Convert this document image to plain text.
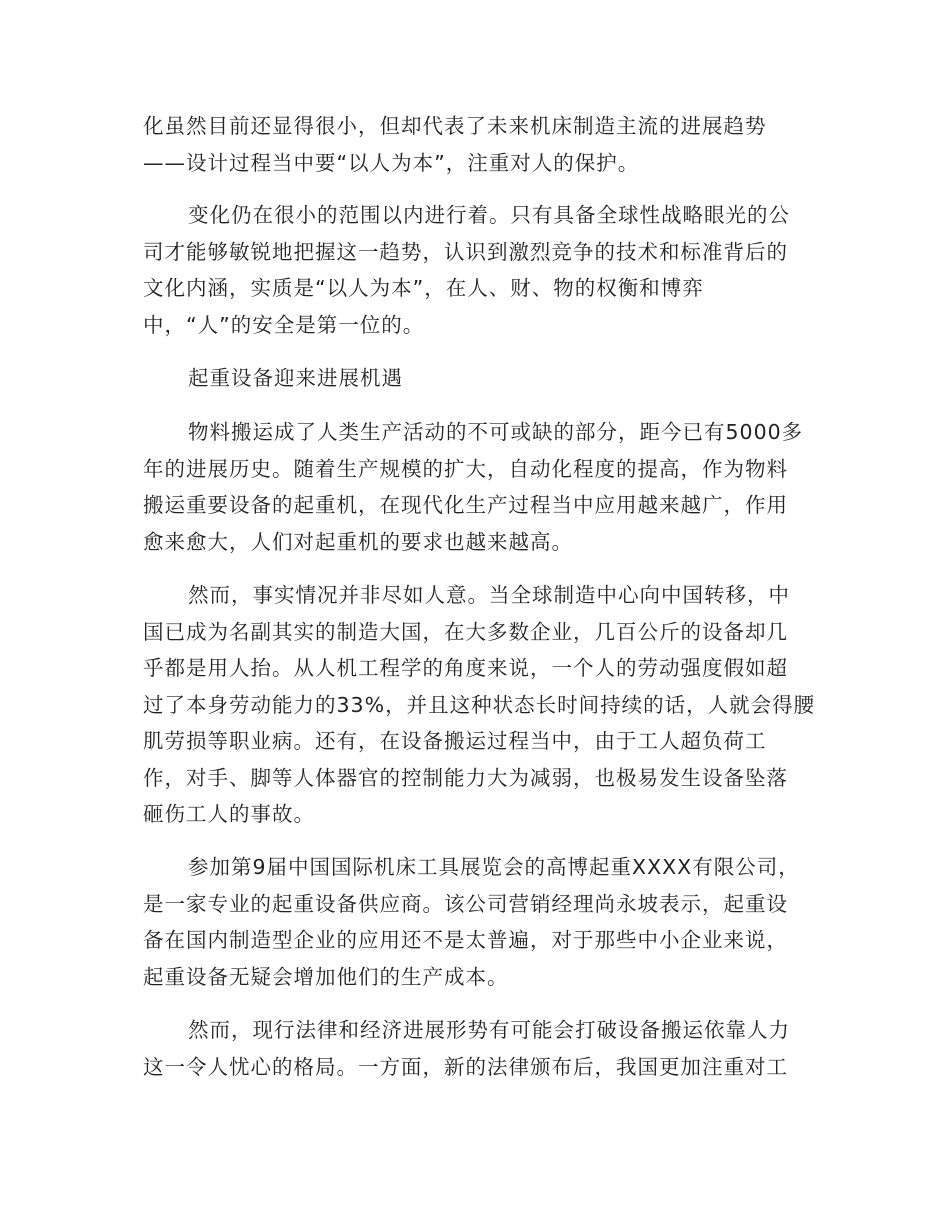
化虽然目前还显得很小，但却代表了未来机床制造主流的进展趋势
——设计过程当中要“以人为本”，注重对人的保护。

变化仍在很小的范围以内进行着。只有具备全球性战略眼光的公
司才能够敏锐地把握这一趋势，认识到激烈竞争的技术和标准背后的
文化内涵，实质是“以人为本”，在人、财、物的权衡和博弈
中，“人”的安全是第一位的。

起重设备迎来进展机遇

物料搬运成了人类生产活动的不可或缺的部分，距今已有5000多
年的进展历史。随着生产规模的扩大，自动化程度的提高，作为物料
搬运重要设备的起重机，在现代化生产过程当中应用越来越广，作用
愈来愈大，人们对起重机的要求也越来越高。

然而，事实情况并非尽如人意。当全球制造中心向中国转移，中
国已成为名副其实的制造大国，在大多数企业，几百公斤的设备却几
乎都是用人抬。从人机工程学的角度来说，一个人的劳动强度假如超
过了本身劳动能力的33%，并且这种状态长时间持续的话，人就会得腰
肌劳损等职业病。还有，在设备搬运过程当中，由于工人超负荷工
作，对手、脚等人体器官的控制能力大为减弱，也极易发生设备坠落
砸伤工人的事故。

参加第9届中国国际机床工具展览会的高博起重XXXX有限公司，
是一家专业的起重设备供应商。该公司营销经理尚永坡表示，起重设
备在国内制造型企业的应用还不是太普遍，对于那些中小企业来说，
起重设备无疑会增加他们的生产成本。

然而，现行法律和经济进展形势有可能会打破设备搬运依靠人力
这一令人忧心的格局。一方面，新的法律颁布后，我国更加注重对工
